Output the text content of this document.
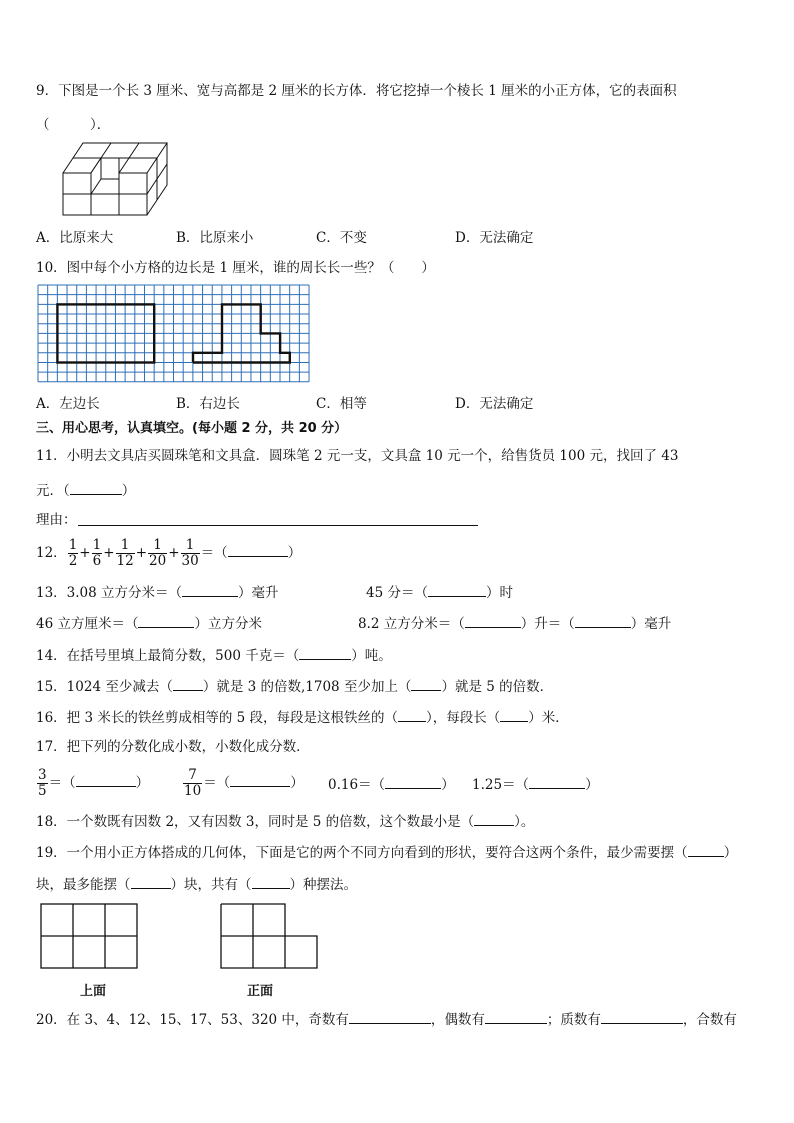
9．下图是一个长 3 厘米、宽与高都是 2 厘米的长方体．将它挖掉一个棱长 1 厘米的小正方体，它的表面积
（　　　）．
A．比原来大	B．比原来小	C．不变	D．无法确定
10．图中每个小方格的边长是 1 厘米，谁的周长长一些？（　　）
A．左边长	B．右边长	C．相等	D．无法确定
三、用心思考，认真填空。(每小题 2 分，共 20 分）
11．小明去文具店买圆珠笔和文具盒．圆珠笔 2 元一支，文具盒 10 元一个，给售货员 100 元，找回了 43
元．（	）
理由：
12． $\frac{1}{2} + \frac{1}{6} + \frac{1}{12} + \frac{1}{20} + \frac{1}{30}$ ＝（	）
13．3.08 立方分米＝（	）毫升	45 分＝（	）时
46 立方厘米＝（	）立方分米	8.2 立方分米＝（	）升＝（	）毫升
14．在括号里填上最简分数，500 千克＝（	）吨。
15．1024 至少减去（ ）就是 3 的倍数,1708 至少加上（ ）就是 5 的倍数．
16．把 3 米长的铁丝剪成相等的 5 段，每段是这根铁丝的（ ），每段长（ ）米．
17．把下列的分数化成小数，小数化成分数．
$\frac{3}{5}$ ＝（	）	$\frac{7}{10}$ ＝（	） 0.16＝（	） 1.25＝（	）
18．一个数既有因数 2，又有因数 3，同时是 5 的倍数，这个数最小是（	）。
19．一个用小正方体搭成的几何体，下面是它的两个不同方向看到的形状，要符合这两个条件，最少需要摆（	）
块，最多能摆（	）块，共有（	）种摆法。
上面	正面
20．在 3、4、12、15、17、53、320 中，奇数有	，偶数有	；质数有	，合数有
